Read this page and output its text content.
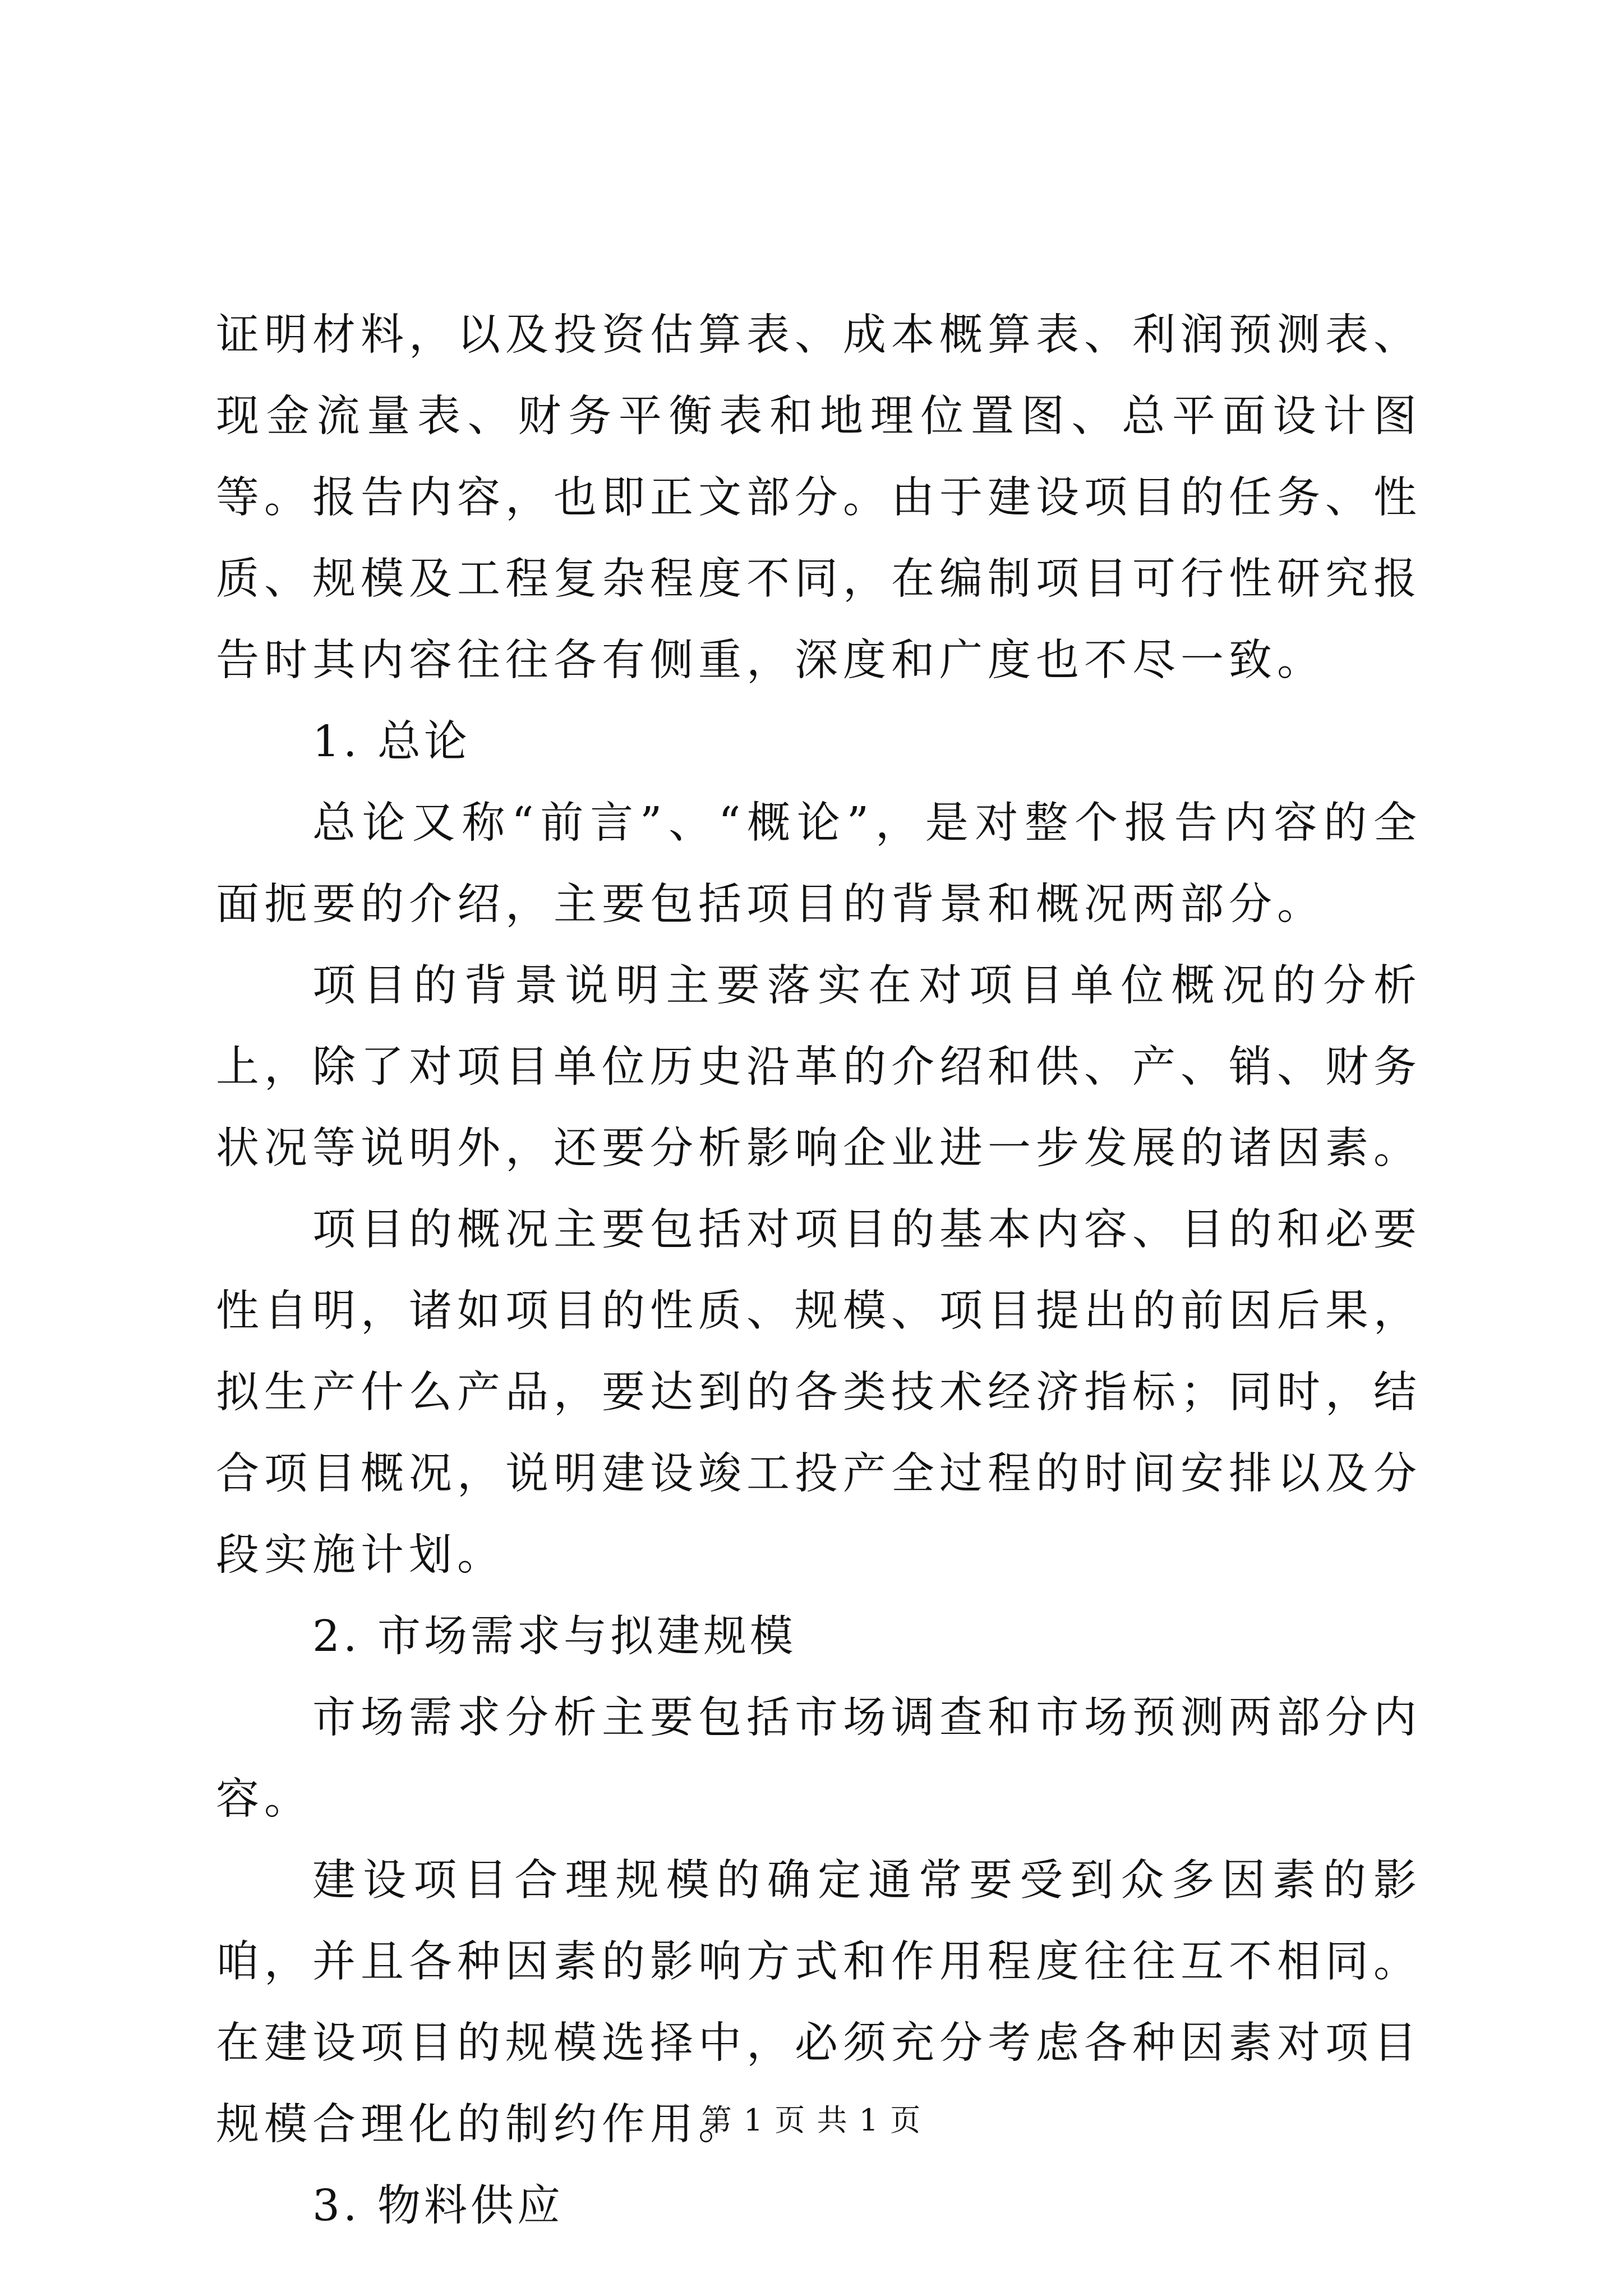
证明材料，以及投资估算表、成本概算表、利润预测表、现金流量表、财务平衡表和地理位置图、总平面设计图等。报告内容，也即正文部分。由于建设项目的任务、性质、规模及工程复杂程度不同，在编制项目可行性研究报告时其内容往往各有侧重，深度和广度也不尽一致。

1. 总论

总论又称“前言”、“概论”，是对整个报告内容的全面扼要的介绍，主要包括项目的背景和概况两部分。

项目的背景说明主要落实在对项目单位概况的分析上，除了对项目单位历史沿革的介绍和供、产、销、财务状况等说明外，还要分析影响企业进一步发展的诸因素。

项目的概况主要包括对项目的基本内容、目的和必要性自明，诸如项目的性质、规模、项目提出的前因后果，拟生产什么产品，要达到的各类技术经济指标；同时，结合项目概况，说明建设竣工投产全过程的时间安排以及分段实施计划。

2. 市场需求与拟建规模

市场需求分析主要包括市场调查和市场预测两部分内容。

建设项目合理规模的确定通常要受到众多因素的影咱，并且各种因素的影响方式和作用程度往往互不相同。在建设项目的规模选择中，必须充分考虑各种因素对项目规模合理化的制约作用。

3. 物料供应

第 1 页 共 1 页
